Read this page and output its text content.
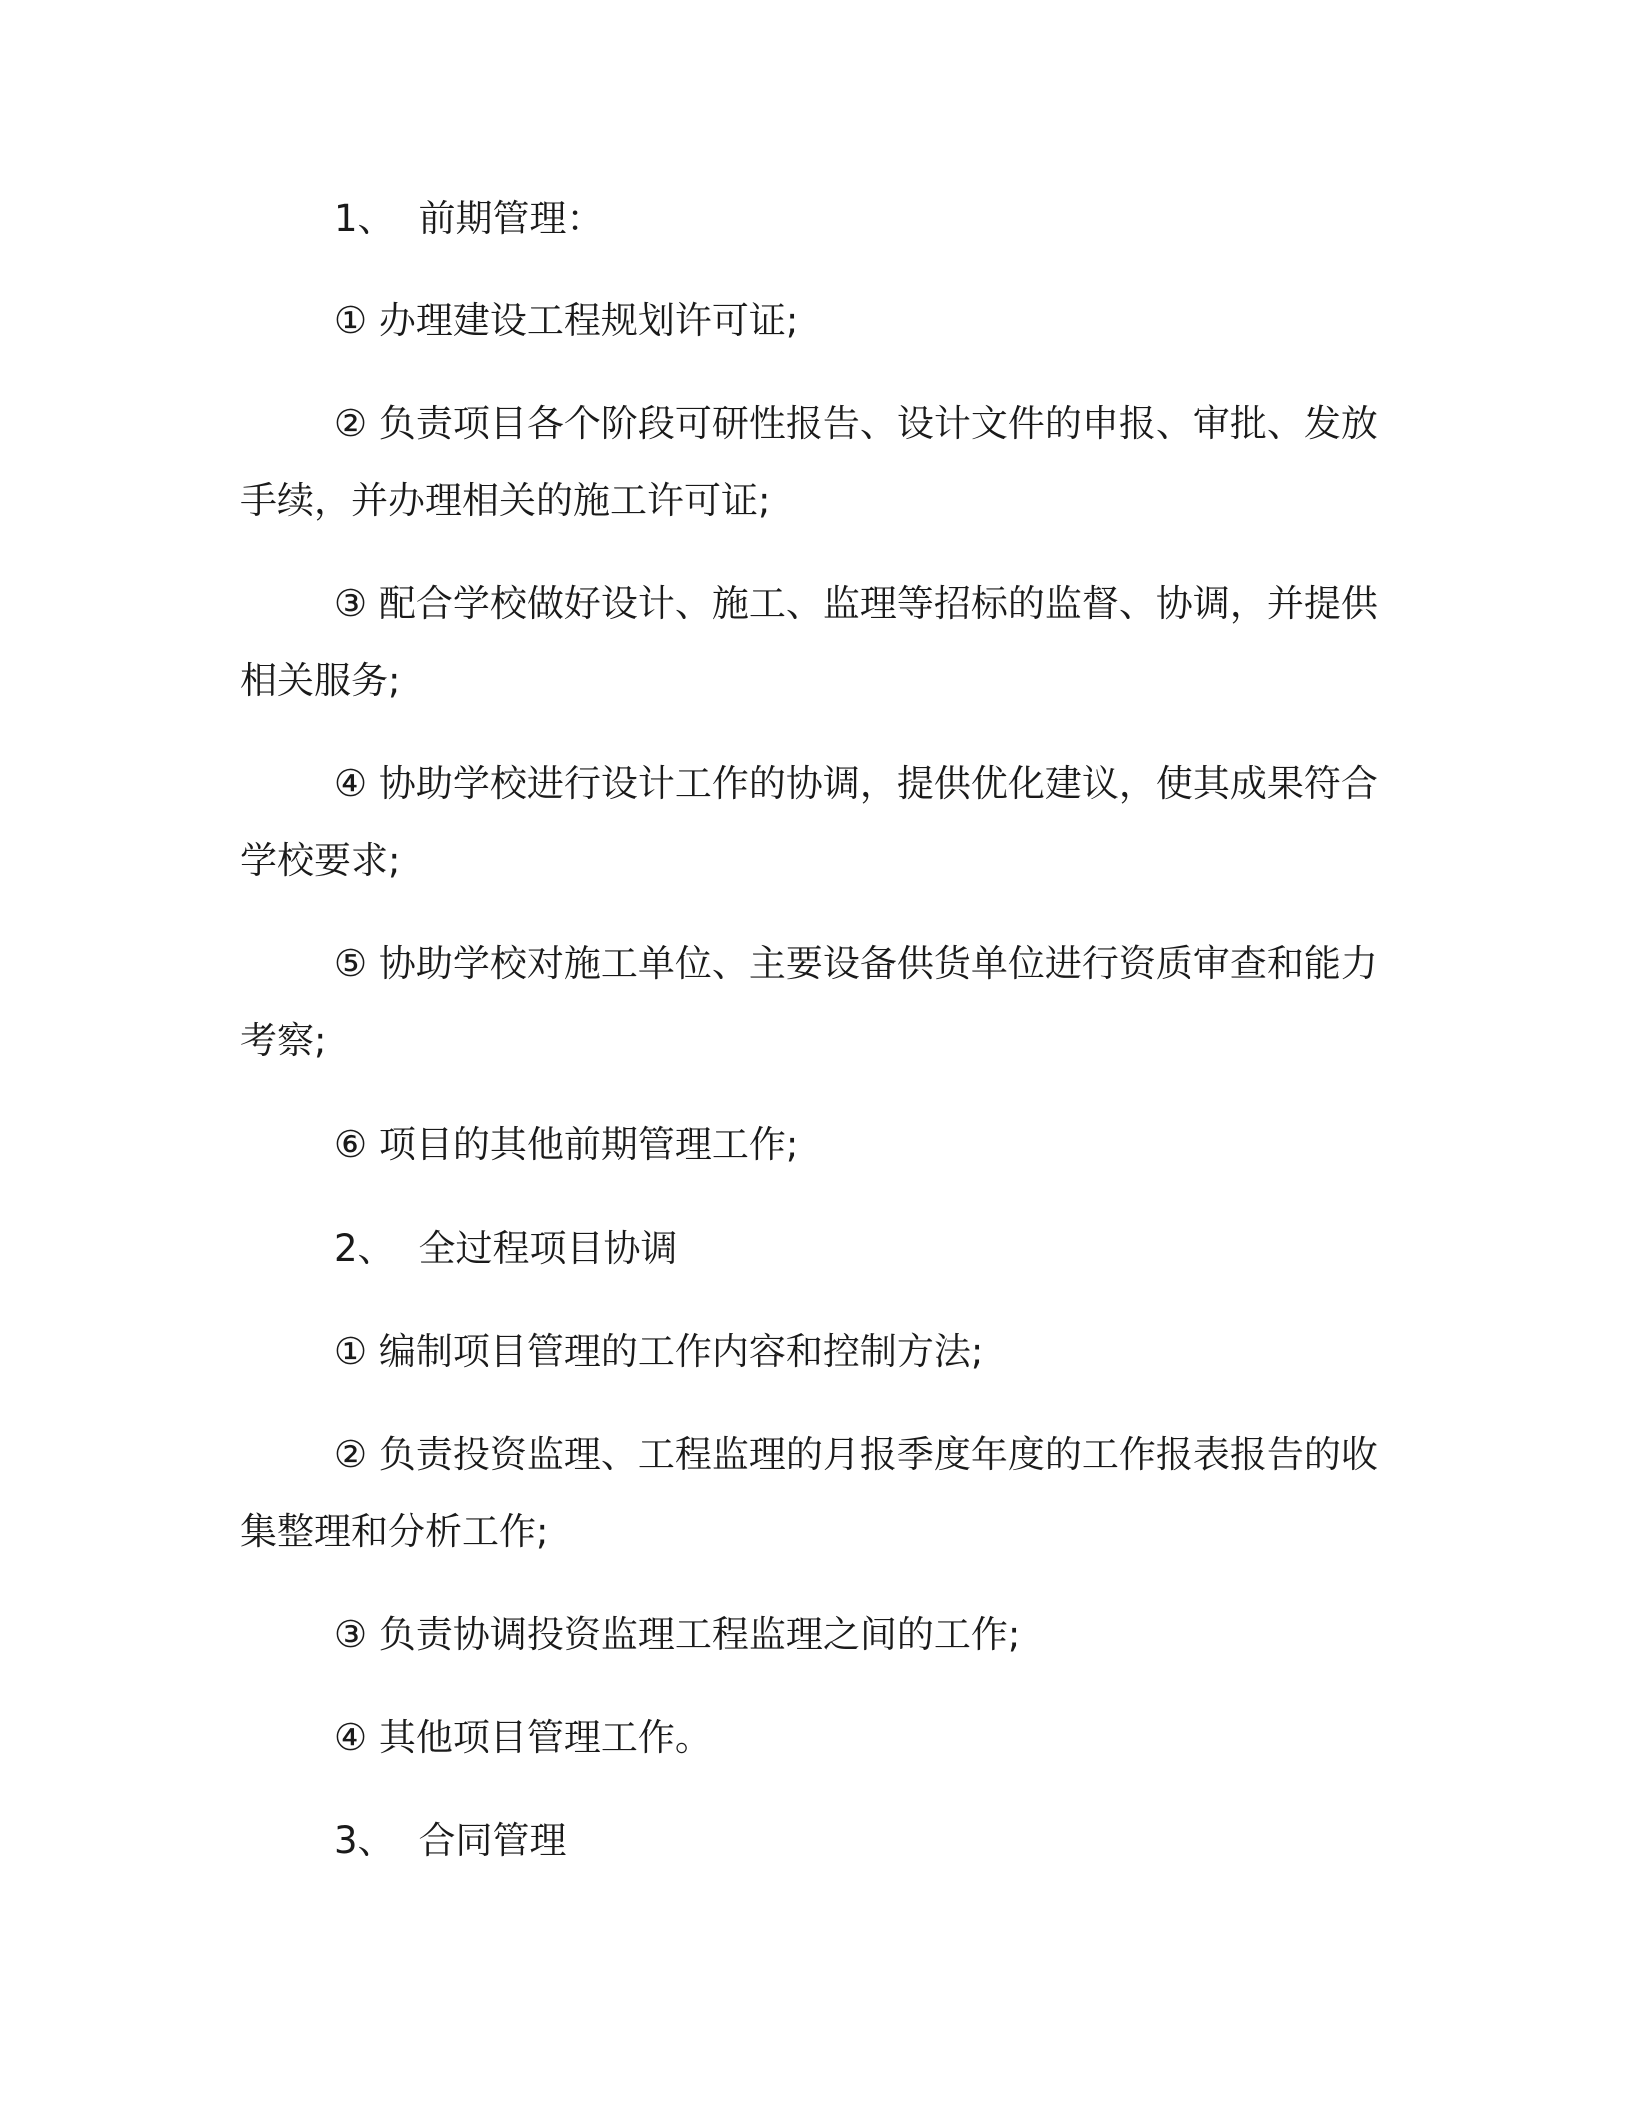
1、 前期管理：

① 办理建设工程规划许可证;

② 负责项目各个阶段可研性报告、设计文件的申报、审批、发放手续，并办理相关的施工许可证;

③ 配合学校做好设计、施工、监理等招标的监督、协调，并提供相关服务;

④ 协助学校进行设计工作的协调，提供优化建议，使其成果符合学校要求;

⑤ 协助学校对施工单位、主要设备供货单位进行资质审查和能力考察;

⑥ 项目的其他前期管理工作;

2、 全过程项目协调

① 编制项目管理的工作内容和控制方法;

② 负责投资监理、工程监理的月报季度年度的工作报表报告的收集整理和分析工作;

③ 负责协调投资监理工程监理之间的工作;

④ 其他项目管理工作。

3、 合同管理
